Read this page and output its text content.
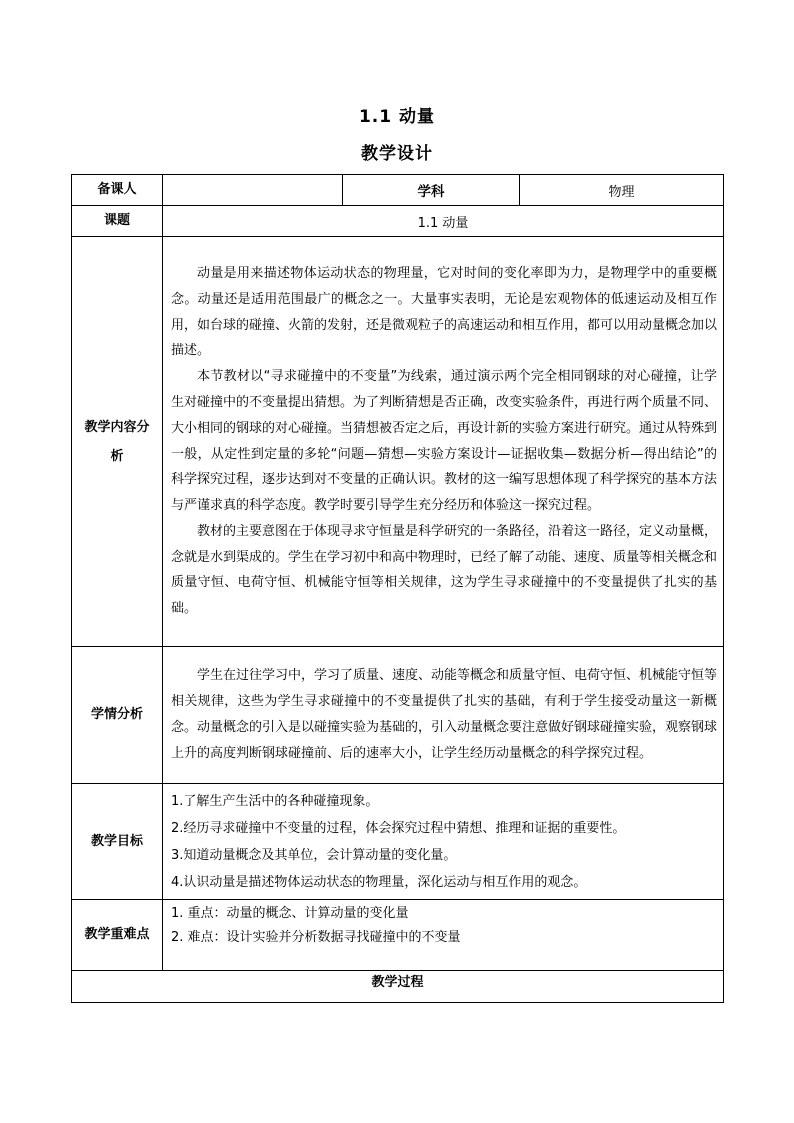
1.1 动量
教学设计
备课人		学科	物理
课题	1.1 动量		
教学内容分析	动量是用来描述物体运动状态的物理量，它对时间的变化率即为力，是物理学中的重要概念。动量还是适用范围最广的概念之一。大量事实表明，无论是宏观物体的低速运动及相互作用，如台球的碰撞、火箭的发射，还是微观粒子的高速运动和相互作用，都可以用动量概念加以描述。

本节教材以“寻求碰撞中的不变量”为线索，通过演示两个完全相同钢球的对心碰撞，让学生对碰撞中的不变量提出猜想。为了判断猜想是否正确，改变实验条件，再进行两个质量不同、大小相同的钢球的对心碰撞。当猜想被否定之后，再设计新的实验方案进行研究。通过从特殊到一般，从定性到定量的多轮“问题—猜想—实验方案设计—证据收集—数据分析—得出结论”的科学探究过程，逐步达到对不变量的正确认识。教材的这一编写思想体现了科学探究的基本方法与严谨求真的科学态度。教学时要引导学生充分经历和体验这一探究过程。

教材的主要意图在于体现寻求守恒量是科学研究的一条路径，沿着这一路径，定义动量概，念就是水到渠成的。学生在学习初中和高中物理时，已经了解了动能、速度、质量等相关概念和质量守恒、电荷守恒、机械能守恒等相关规律，这为学生寻求碰撞中的不变量提供了扎实的基础。		

学情分析	学生在过往学习中，学习了质量、速度、动能等概念和质量守恒、电荷守恒、机械能守恒等相关规律，这些为学生寻求碰撞中的不变量提供了扎实的基础，有利于学生接受动量这一新概念。动量概念的引入是以碰撞实验为基础的，引入动量概念要注意做好钢球碰撞实验，观察钢球上升的高度判断钢球碰撞前、后的速率大小，让学生经历动量概念的科学探究过程。		

教学目标	1.了解生产生活中的各种碰撞现象。

2.经历寻求碰撞中不变量的过程，体会探究过程中猜想、推理和证据的重要性。

3.知道动量概念及其单位，会计算动量的变化量。

4.认识动量是描述物体运动状态的物理量，深化运动与相互作用的观念。		

教学重难点	1. 重点：动量的概念、计算动量的变化量

2. 难点：设计实验并分析数据寻找碰撞中的不变量		

教学过程			
